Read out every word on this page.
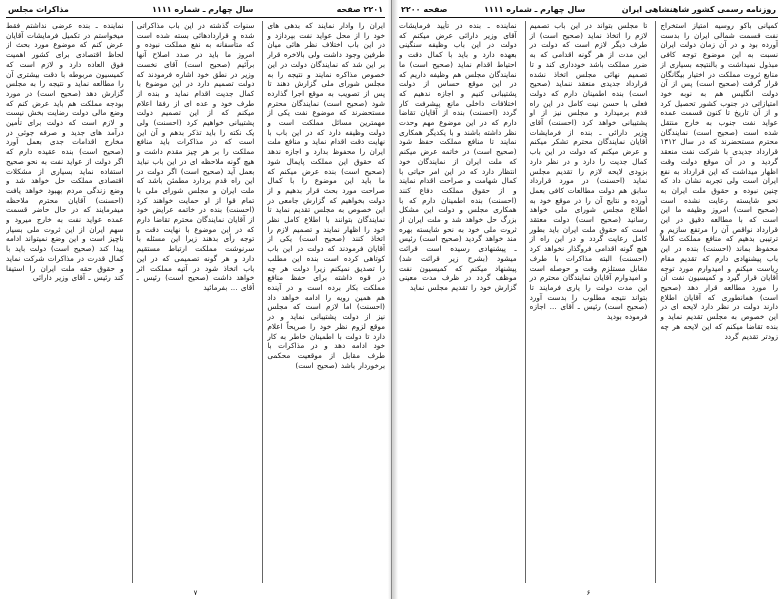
۲۲۰۱ صفحه
سال چهارم ـ شماره ۱۱۱۱
مذاکرات مجلس

ایران را وادار نمایند که بدهی های خود را از محل عواید نفت بپردازد و در این باب اختلاف نظر هائی میان طرفین وجود داشت ولی بالاخره قرار بر این شد که نمایندگان دولت در این خصوص مذاکره نمایند و نتیجه را به مجلس شورای ملی گزارش دهند تا پس از تصویب به موقع اجرا گذارده شود (صحیح است) نمایندگان محترم مستحضرند که موضوع نفت یکی از مهمترین مسائل مملکت است و دولت وظیفه دارد که در این باب با نهایت دقت اقدام نماید و منافع ملت ایران را محفوظ بدارد و اجازه ندهد که حقوق این مملکت پایمال شود (صحیح است) بنده عرض میکنم که ما باید این موضوع را با کمال صراحت مورد بحث قرار بدهیم و از دولت بخواهیم که گزارش جامعی در این خصوص به مجلس تقدیم نماید تا نمایندگان بتوانند با اطلاع کامل نظر خود را اظهار نمایند و تصمیم لازم را اتخاذ کنند (صحیح است) یکی از آقایان فرمودند که دولت در این باب کوتاهی کرده است بنده این مطلب را تصدیق نمیکنم زیرا دولت هر چه در قوه داشته برای حفظ منافع مملکت بکار برده است و در آینده هم همین رویه را ادامه خواهد داد (احسنت) اما لازم است که مجلس نیز از دولت پشتیبانی نماید و در موقع لزوم نظر خود را صریحاً اعلام دارد تا دولت با اطمینان خاطر به کار خود ادامه دهد و در مذاکرات با طرف مقابل از موقعیت محکمی برخوردار باشد (صحیح است)

سنوات گذشته در این باب مذاکراتی شده و قراردادهائی بسته شده است که متأسفانه به نفع مملکت نبوده و امروز ما باید در صدد اصلاح آنها برآئیم (صحیح است) آقای نخست وزیر در نطق خود اشاره فرمودند که دولت تصمیم دارد در این موضوع با کمال جدیت اقدام نماید و بنده از طرف خود و عده ای از رفقا اعلام میکنم که از این تصمیم دولت پشتیبانی خواهیم کرد (احسنت) ولی یک نکته را باید تذکر بدهم و آن این است که در مذاکرات باید منافع مملکت را بر هر چیز مقدم داشت و هیچ گونه ملاحظه ای در این باب نباید بعمل آید (صحیح است) اگر دولت در این راه قدم بردارد مطمئن باشد که ملت ایران و مجلس شورای ملی با تمام قوا از او حمایت خواهند کرد (احسنت) بنده در خاتمه عرایض خود از آقایان نمایندگان محترم تقاضا دارم که در این موضوع با نهایت دقت و توجه رأی بدهند زیرا این مسئله با سرنوشت مملکت ارتباط مستقیم دارد و هر گونه تصمیمی که در این باب اتخاذ شود در آتیه مملکت اثر خواهد داشت (صحیح است) رئیس ـ آقای ... بفرمائید

نماینده ـ بنده عرضی نداشتم فقط میخواستم در تکمیل فرمایشات آقایان عرض کنم که موضوع مورد بحث از لحاظ اقتصادی برای کشور اهمیت فوق العاده دارد و لازم است که کمیسیون مربوطه با دقت بیشتری آن را مطالعه نماید و نتیجه را به مجلس گزارش دهد (صحیح است) در مورد بودجه مملکت هم باید عرض کنم که وضع مالی دولت رضایت بخش نیست و لازم است که دولت برای تأمین درآمد های جدید و صرفه جوئی در مخارج اقدامات جدی بعمل آورد (صحیح است) بنده عقیده دارم که اگر دولت از عواید نفت به نحو صحیح استفاده نماید بسیاری از مشکلات اقتصادی مملکت حل خواهد شد و وضع زندگی مردم بهبود خواهد یافت (احسنت) آقایان محترم ملاحظه میفرمایند که در حال حاضر قسمت عمده عواید نفت به خارج میرود و سهم ایران از این ثروت ملی بسیار ناچیز است و این وضع نمیتواند ادامه پیدا کند (صحیح است) دولت باید با کمال قدرت در مذاکرات شرکت نماید و حقوق حقه ملت ایران را استیفا کند رئیس ـ آقای وزیر دارائی

۷
روزنامه رسمی کشور شاهنشاهی ایران
سال چهارم ـ شماره ۱۱۱۱
صفحه ۲۲۰۰

کمپانی باکو روسیه امتیاز استخراج نفت قسمت شمالی ایران را بدست آورده بود و در آن زمان دولت ایران نسبت به این موضوع توجه کافی مبذول نمیداشت و بالنتیجه بسیاری از منابع ثروت مملکت در اختیار بیگانگان قرار گرفت (صحیح است) پس از آن دولت انگلیس هم به نوبه خود امتیازاتی در جنوب کشور تحصیل کرد و از آن تاریخ تا کنون قسمت عمده عواید نفت جنوب به خارج منتقل شده است (صحیح است) نمایندگان محترم مستحضرند که در سال ۱۳۱۲ قرارداد جدیدی با شرکت نفت منعقد گردید و در آن موقع دولت وقت اظهار میداشت که این قرارداد به نفع ایران است ولی تجربه نشان داد که چنین نبوده و حقوق ملت ایران به نحو شایسته رعایت نشده است (صحیح است) امروز وظیفه ما این است که با مطالعه دقیق در این قرارداد نواقص آن را مرتفع سازیم و ترتیبی بدهیم که منافع مملکت کاملاً محفوظ بماند (احسنت) بنده در این باب پیشنهادی دارم که تقدیم مقام ریاست میکنم و امیدوارم مورد توجه آقایان قرار گیرد و کمیسیون نفت آن را مورد مطالعه قرار دهد (صحیح است) همانطوری که آقایان اطلاع دارند دولت در نظر دارد لایحه ای در این خصوص به مجلس تقدیم نماید و بنده تقاضا میکنم که این لایحه هر چه زودتر تقدیم گردد

تا مجلس بتواند در این باب تصمیم لازم را اتخاذ نماید (صحیح است) از طرف دیگر لازم است که دولت در این مدت از هر گونه اقدامی که به ضرر مملکت باشد خودداری کند و تا تصمیم نهائی مجلس اتخاذ نشده قرارداد جدیدی منعقد ننماید (صحیح است) بنده اطمینان دارم که دولت فعلی با حسن نیت کامل در این راه قدم برمیدارد و مجلس نیز از او پشتیبانی خواهد کرد (احسنت) آقای وزیر دارائی ـ بنده از فرمایشات آقایان نمایندگان محترم تشکر میکنم و عرض میکنم که دولت در این باب کمال جدیت را دارد و در نظر دارد بزودی لایحه لازم را تقدیم مجلس نماید (احسنت) در مورد قرارداد سابق هم دولت مطالعات کافی بعمل آورده و نتایج آن را در موقع خود به اطلاع مجلس شورای ملی خواهد رسانید (صحیح است) دولت معتقد است که حقوق ملت ایران باید بطور کامل رعایت گردد و در این راه از هیچ گونه اقدامی فروگذار نخواهد کرد (احسنت) البته مذاکرات با طرف مقابل مستلزم وقت و حوصله است و امیدوارم آقایان نمایندگان محترم در این مدت دولت را یاری فرمایند تا بتواند نتیجه مطلوب را بدست آورد (صحیح است) رئیس ـ آقای ... اجازه فرموده بودید

نماینده ـ بنده در تأیید فرمایشات آقای وزیر دارائی عرض میکنم که دولت در این باب وظیفه سنگینی بعهده دارد و باید با کمال دقت و احتیاط اقدام نماید (صحیح است) ما نمایندگان مجلس هم وظیفه داریم که در این موقع حساس از دولت پشتیبانی کنیم و اجازه ندهیم که اختلافات داخلی مانع پیشرفت کار گردد (احسنت) بنده از آقایان تقاضا دارم که در این موضوع مهم وحدت نظر داشته باشند و با یکدیگر همکاری نمایند تا منافع مملکت حفظ شود (صحیح است) در خاتمه عرض میکنم که ملت ایران از نمایندگان خود انتظار دارد که در این امر حیاتی با کمال شهامت و صراحت اقدام نمایند و از حقوق مملکت دفاع کنند (احسنت) بنده اطمینان دارم که با همکاری مجلس و دولت این مشکل بزرگ حل خواهد شد و ملت ایران از ثروت ملی خود به نحو شایسته بهره مند خواهد گردید (صحیح است) رئیس ـ پیشنهادی رسیده است قرائت میشود (بشرح زیر قرائت شد) پیشنهاد میکنم که کمیسیون نفت موظف گردد در ظرف مدت معینی گزارش خود را تقدیم مجلس نماید

۶
